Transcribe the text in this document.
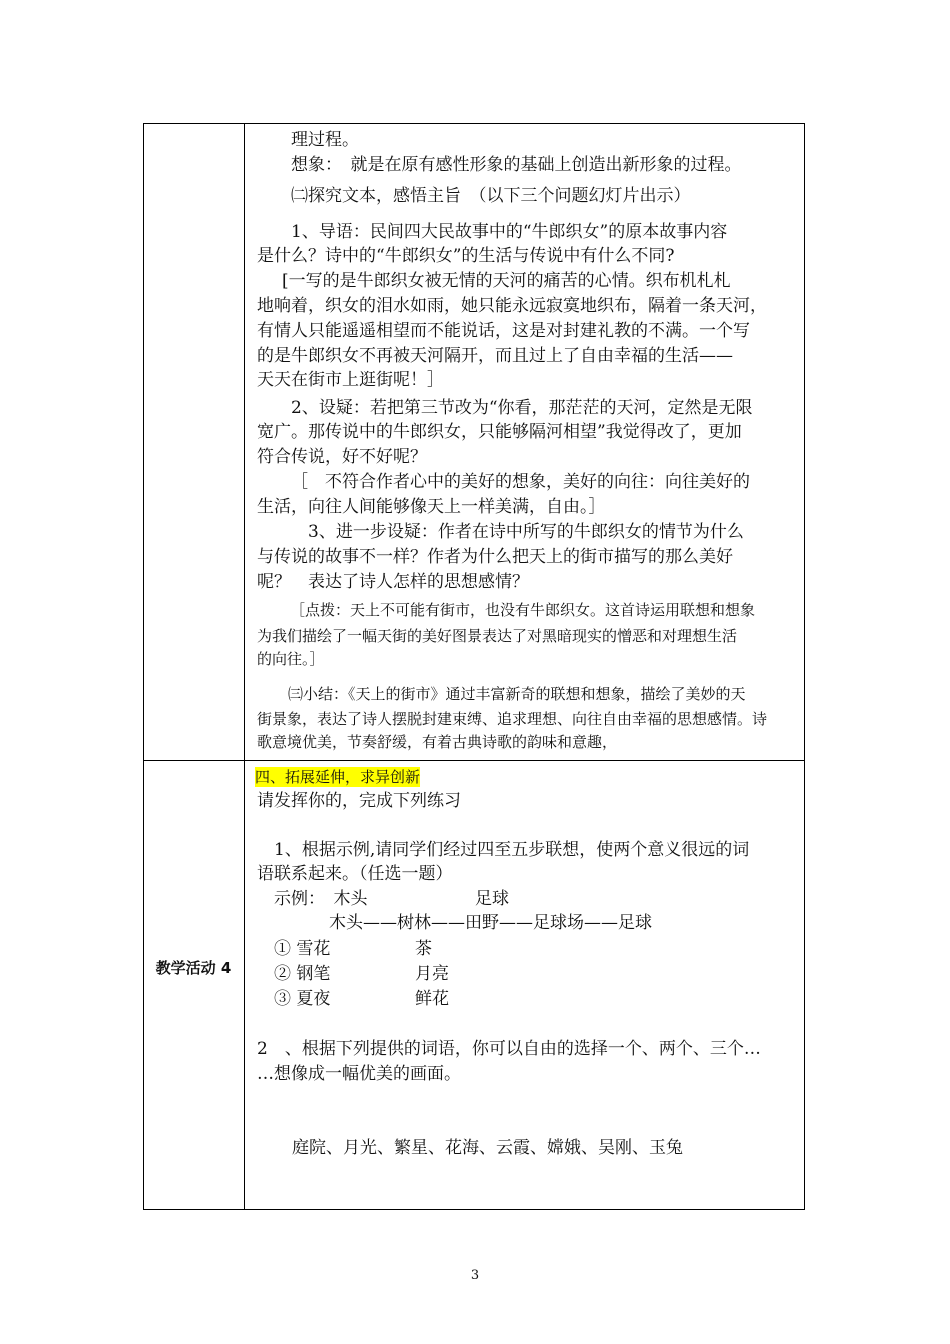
理过程。
想象：　就是在原有感性形象的基础上创造出新形象的过程。
㈡探究文本，感悟主旨　（以下三个问题幻灯片出示）
1、导语：民间四大民故事中的“牛郎织女”的原本故事内容
是什么？诗中的“牛郎织女”的生活与传说中有什么不同?
[一写的是牛郎织女被无情的天河的痛苦的心情。织布机札札
地响着，织女的泪水如雨，她只能永远寂寞地织布，隔着一条天河，
有情人只能遥遥相望而不能说话，这是对封建礼教的不满。一个写
的是牛郎织女不再被天河隔开，而且过上了自由幸福的生活——
天天在街市上逛街呢！］
2、设疑：若把第三节改为“你看，那茫茫的天河，定然是无限
宽广。那传说中的牛郎织女，只能够隔河相望”我觉得改了，更加
符合传说，好不好呢？
［　不符合作者心中的美好的想象，美好的向往：向往美好的
生活，向往人间能够像天上一样美满，自由。］
3、进一步设疑：作者在诗中所写的牛郎织女的情节为什么
与传说的故事不一样？作者为什么把天上的街市描写的那么美好
呢？　表达了诗人怎样的思想感情？
［点拨：天上不可能有街市，也没有牛郎织女。这首诗运用联想和想象
为我们描绘了一幅天街的美好图景表达了对黑暗现实的憎恶和对理想生活
的向往。］
㈢小结：《天上的街市》通过丰富新奇的联想和想象，描绘了美妙的天
街景象，表达了诗人摆脱封建束缚、追求理想、向往自由幸福的思想感情。诗
歌意境优美，节奏舒缓，有着古典诗歌的韵味和意趣，
教学活动 4
四、拓展延伸，求异创新
请发挥你的，完成下列练习
1、根据示例,请同学们经过四至五步联想，使两个意义很远的词
语联系起来。（任选一题）
示例：　木头	足球
木头——树林——田野——足球场——足球
① 雪花	茶
② 钢笔	月亮
③ 夏夜	鲜花
2　、根据下列提供的词语，你可以自由的选择一个、两个、三个…
…想像成一幅优美的画面。
庭院、月光、繁星、花海、云霞、嫦娥、吴刚、玉兔
3
